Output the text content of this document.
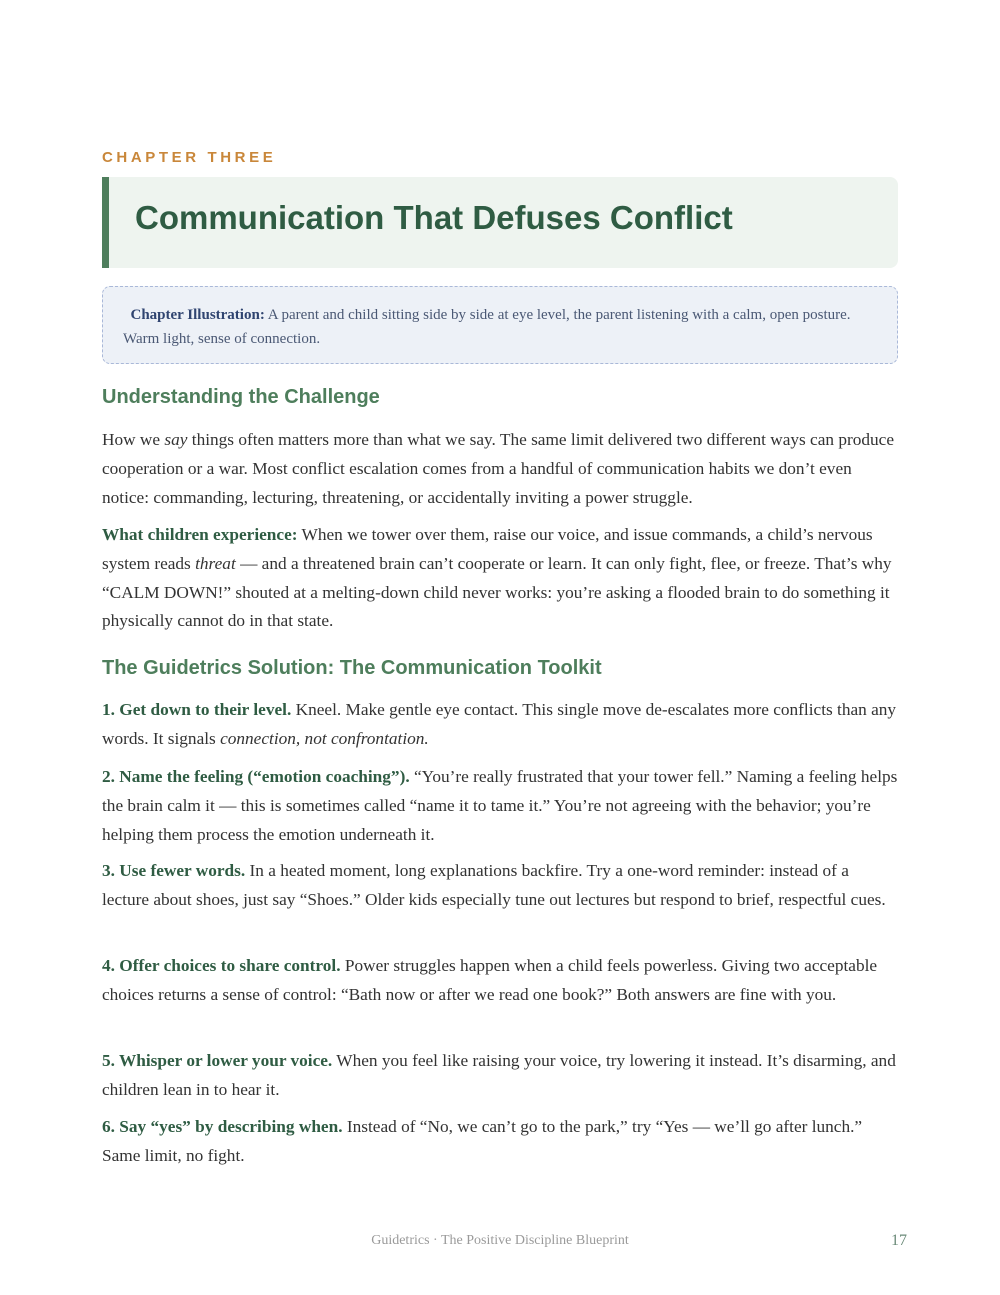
CHAPTER THREE
Communication That Defuses Conflict
Chapter Illustration: A parent and child sitting side by side at eye level, the parent listening with a calm, open posture. Warm light, sense of connection.
Understanding the Challenge

How we say things often matters more than what we say. The same limit delivered two different ways can produce cooperation or a war. Most conflict escalation comes from a handful of communication habits we don’t even notice: commanding, lecturing, threatening, or accidentally inviting a power struggle.

What children experience: When we tower over them, raise our voice, and issue commands, a child’s nervous system reads threat — and a threatened brain can’t cooperate or learn. It can only fight, flee, or freeze. That’s why “CALM DOWN!” shouted at a melting-down child never works: you’re asking a flooded brain to do something it physically cannot do in that state.

The Guidetrics Solution: The Communication Toolkit

1. Get down to their level. Kneel. Make gentle eye contact. This single move de-escalates more conflicts than any words. It signals connection, not confrontation.

2. Name the feeling (“emotion coaching”). “You’re really frustrated that your tower fell.” Naming a feeling helps the brain calm it — this is sometimes called “name it to tame it.” You’re not agreeing with the behavior; you’re helping them process the emotion underneath it.

3. Use fewer words. In a heated moment, long explanations backfire. Try a one-word reminder: instead of a lecture about shoes, just say “Shoes.” Older kids especially tune out lectures but respond to brief, respectful cues.

4. Offer choices to share control. Power struggles happen when a child feels powerless. Giving two acceptable choices returns a sense of control: “Bath now or after we read one book?” Both answers are fine with you.

5. Whisper or lower your voice. When you feel like raising your voice, try lowering it instead. It’s disarming, and children lean in to hear it.

6. Say “yes” by describing when. Instead of “No, we can’t go to the park,” try “Yes — we’ll go after lunch.” Same limit, no fight.

Guidetrics · The Positive Discipline Blueprint	17
